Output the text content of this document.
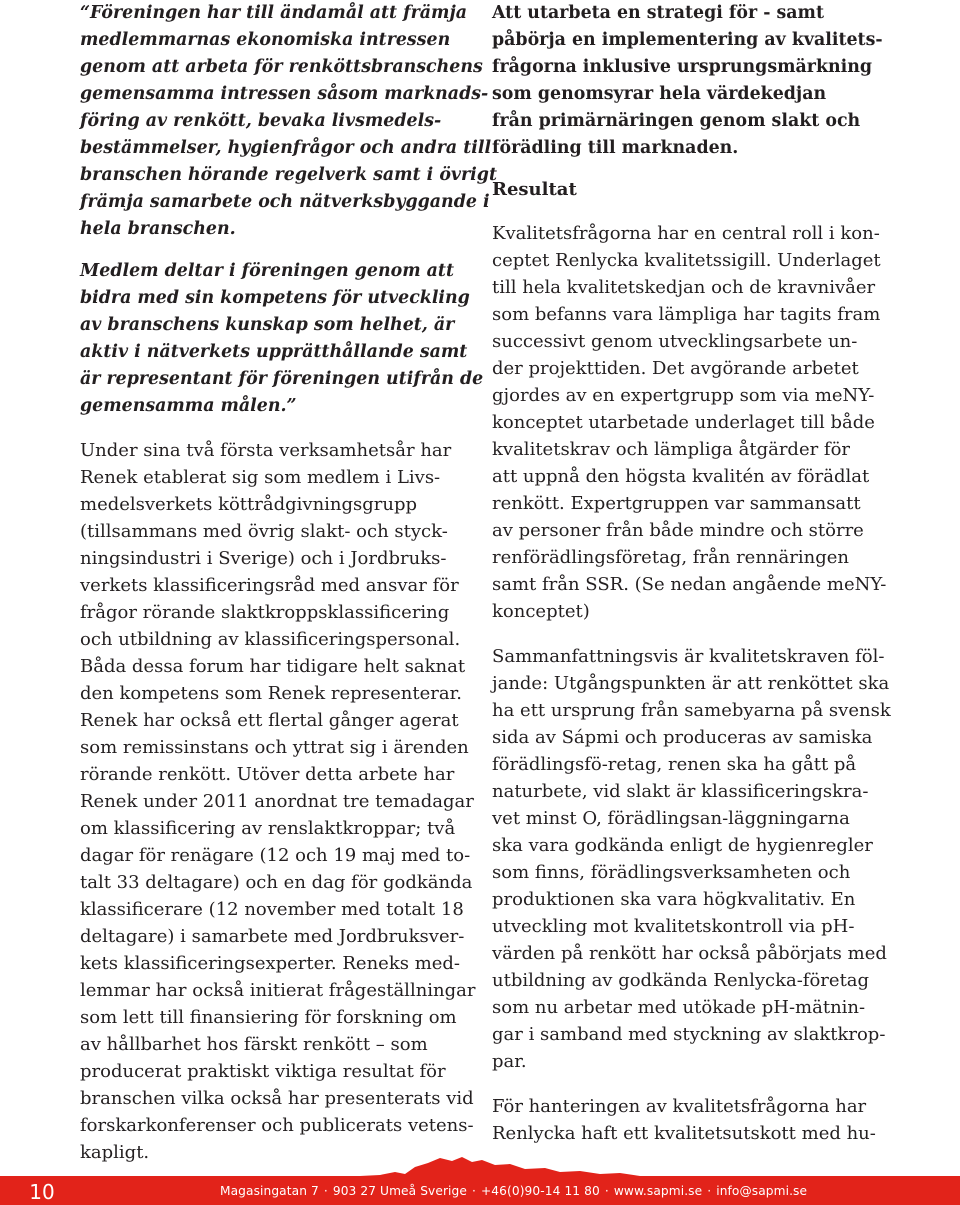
“Föreningen har till ändamål att främja
medlemmarnas ekonomiska intressen
genom att arbeta för renköttsbranschens
gemensamma intressen såsom marknads-
föring av renkött, bevaka livsmedels-
bestämmelser, hygienfrågor och andra till
branschen hörande regelverk samt i övrigt
främja samarbete och nätverksbyggande i
hela branschen.
Medlem deltar i föreningen genom att
bidra med sin kompetens för utveckling
av branschens kunskap som helhet, är
aktiv i nätverkets upprätthållande samt
är representant för föreningen utifrån de
gemensamma målen.”
Under sina två första verksamhetsår har
Renek etablerat sig som medlem i Livs-
medelsverkets köttrådgivningsgrupp
(tillsammans med övrig slakt- och styck-
ningsindustri i Sverige) och i Jordbruks-
verkets klassificeringsråd med ansvar för
frågor rörande slaktkroppsklassificering
och utbildning av klassificeringspersonal.
Båda dessa forum har tidigare helt saknat
den kompetens som Renek representerar.
Renek har också ett flertal gånger agerat
som remissinstans och yttrat sig i ärenden
rörande renkött. Utöver detta arbete har
Renek under 2011 anordnat tre temadagar
om klassificering av renslaktkroppar; två
dagar för renägare (12 och 19 maj med to-
talt 33 deltagare) och en dag för godkända
klassificerare (12 november med totalt 18
deltagare) i samarbete med Jordbruksver-
kets klassificeringsexperter. Reneks med-
lemmar har också initierat frågeställningar
som lett till finansiering för forskning om
av hållbarhet hos färskt renkött – som
producerat praktiskt viktiga resultat för
branschen vilka också har presenterats vid
forskarkonferenser och publicerats vetens-
kapligt.
Att utarbeta en strategi för - samt
påbörja en implementering av kvalitets-
frågorna inklusive ursprungsmärkning
som genomsyrar hela värdekedjan
från primärnäringen genom slakt och
förädling till marknaden.
Resultat
Kvalitetsfrågorna har en central roll i kon-
ceptet Renlycka kvalitetssigill. Underlaget
till hela kvalitetskedjan och de kravnivåer
som befanns vara lämpliga har tagits fram
successivt genom utvecklingsarbete un-
der projekttiden. Det avgörande arbetet
gjordes av en expertgrupp som via meNY-
konceptet utarbetade underlaget till både
kvalitetskrav och lämpliga åtgärder för
att uppnå den högsta kvalitén av förädlat
renkött. Expertgruppen var sammansatt
av personer från både mindre och större
renförädlingsföretag, från rennäringen
samt från SSR. (Se nedan angående meNY-
konceptet)
Sammanfattningsvis är kvalitetskraven föl-
jande: Utgångspunkten är att renköttet ska
ha ett ursprung från samebyarna på svensk
sida av Sápmi och produceras av samiska
förädlingsfö-retag, renen ska ha gått på
naturbete, vid slakt är klassificeringskra-
vet minst O, förädlingsan-läggningarna
ska vara godkända enligt de hygienregler
som finns, förädlingsverksamheten och
produktionen ska vara högkvalitativ. En
utveckling mot kvalitetskontroll via pH-
värden på renkött har också påbörjats med
utbildning av godkända Renlycka-företag
som nu arbetar med utökade pH-mätnin-
gar i samband med styckning av slaktkrop-
par.
För hanteringen av kvalitetsfrågorna har
Renlycka haft ett kvalitetsutskott med hu-
10	Magasingatan 7 · 903 27 Umeå Sverige · +46(0)90-14 11 80 · www.sapmi.se · info@sapmi.se
